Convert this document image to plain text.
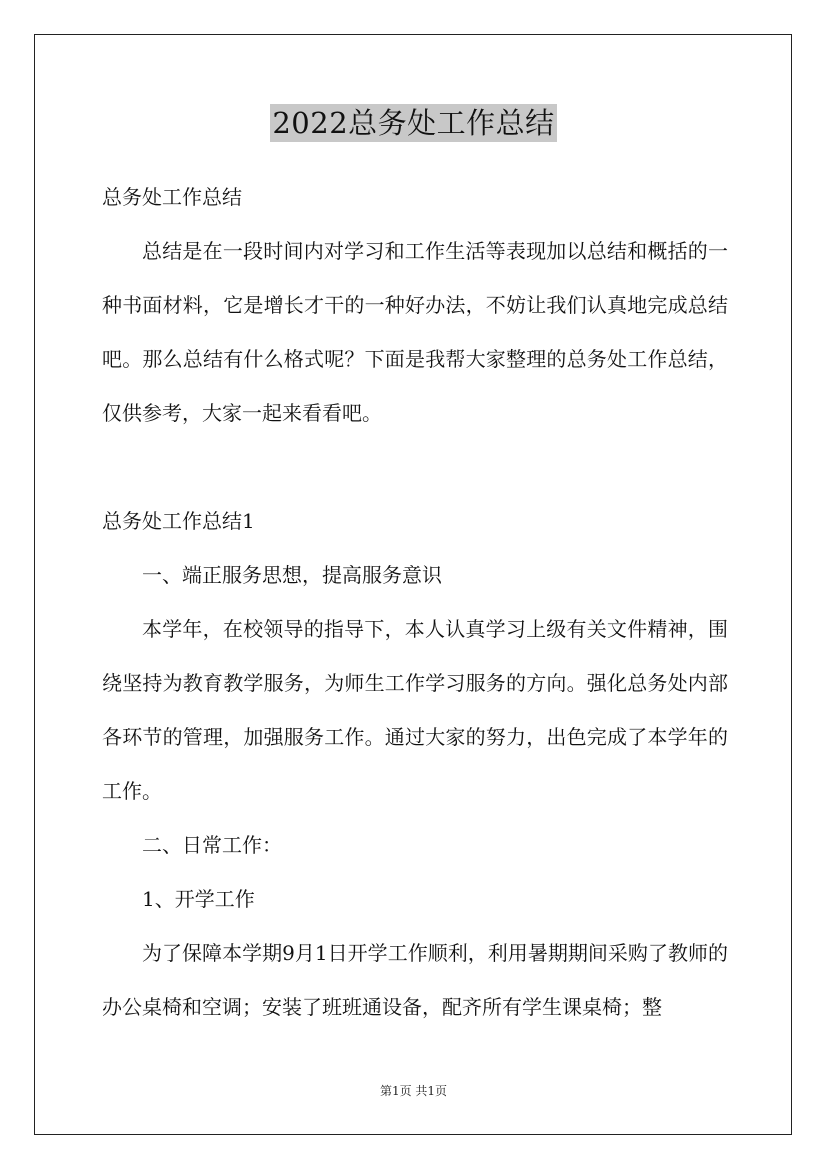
2022总务处工作总结

总务处工作总结

总结是在一段时间内对学习和工作生活等表现加以总结和概括的一种书面材料，它是增长才干的一种好办法，不妨让我们认真地完成总结吧。那么总结有什么格式呢？下面是我帮大家整理的总务处工作总结，仅供参考，大家一起来看看吧。

总务处工作总结1

一、端正服务思想，提高服务意识

本学年，在校领导的指导下，本人认真学习上级有关文件精神，围绕坚持为教育教学服务，为师生工作学习服务的方向。强化总务处内部各环节的管理，加强服务工作。通过大家的努力，出色完成了本学年的工作。

二、日常工作：

1、开学工作

为了保障本学期9月1日开学工作顺利，利用暑期期间采购了教师的办公桌椅和空调；安装了班班通设备，配齐所有学生课桌椅；整

第1页 共1页
